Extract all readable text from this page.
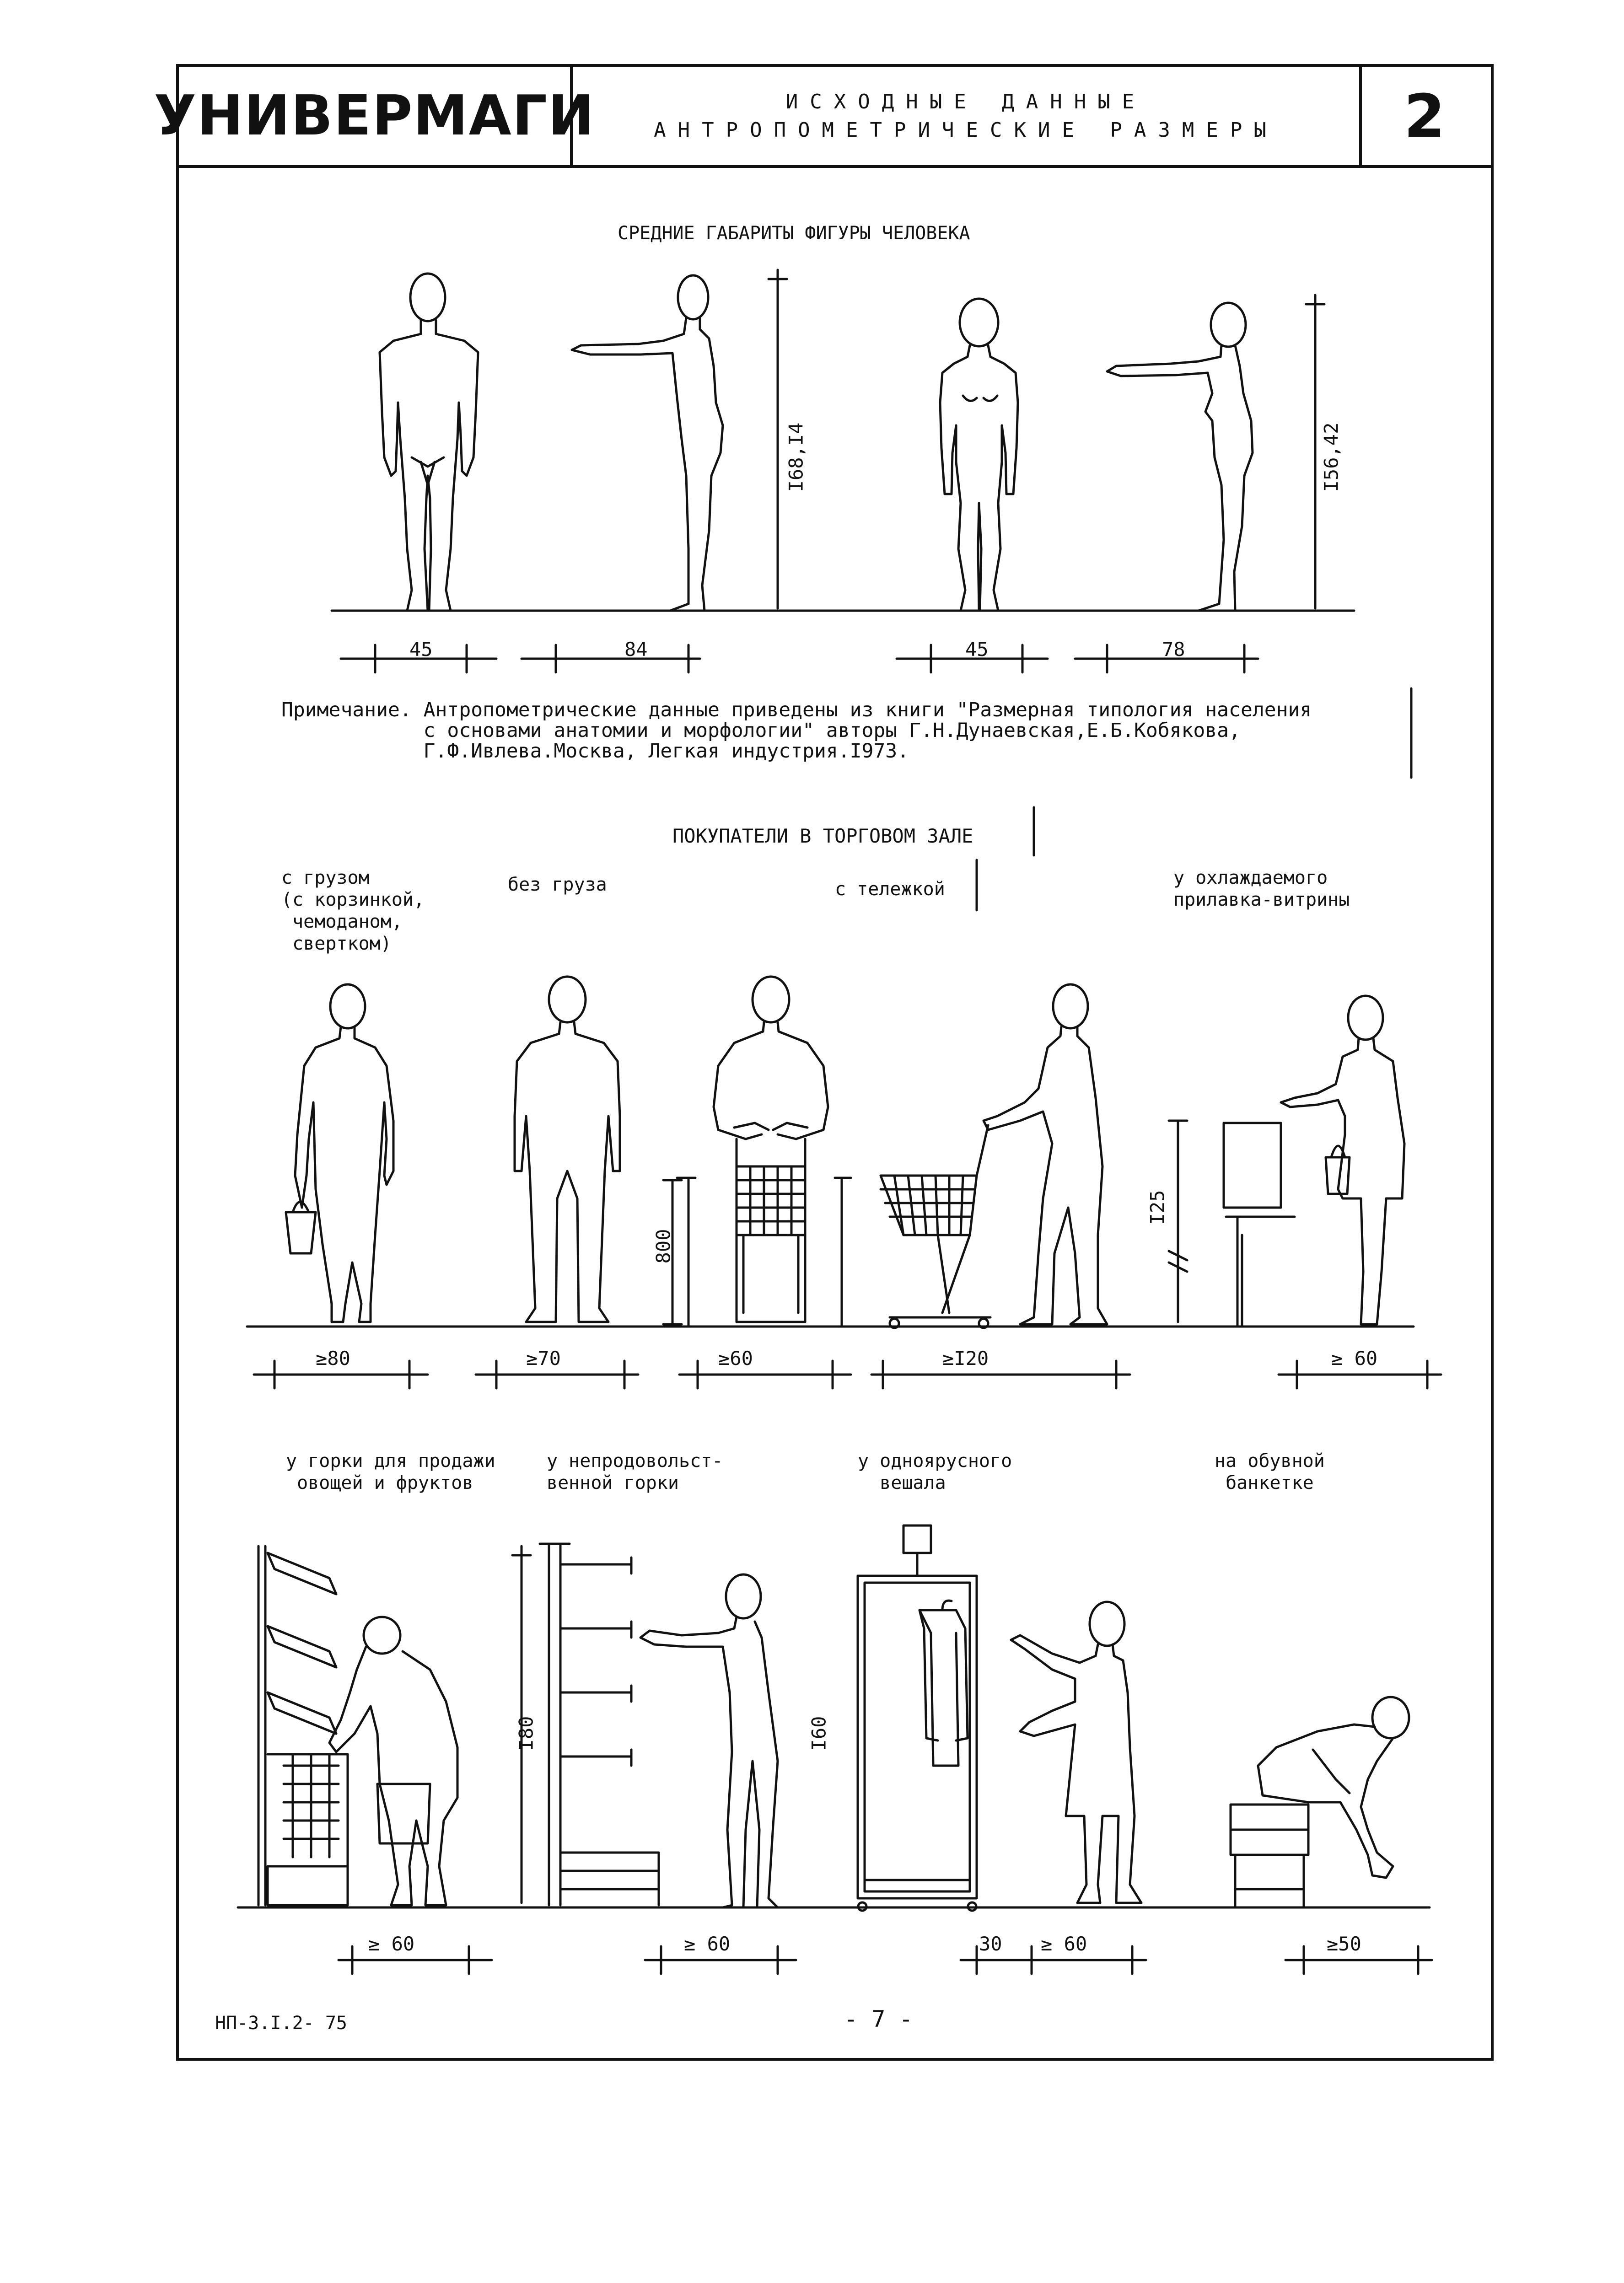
УНИВЕРМАГИ	ИСХОДНЫЕ ДАННЫЕ
АНТРОПОМЕТРИЧЕСКИЕ РАЗМЕРЫ 2
СРЕДНИЕ ГАБАРИТЫ ФИГУРЫ ЧЕЛОВЕКА
I68,I4	I56,42
45	84	45	78
Примечание. Антропометрические данные приведены из книги "Размерная типология населения
с основами анатомии и морфологии" авторы Г.Н.Дунаевская,Е.Б.Кобякова,
Г.Ф.Ивлева.Москва, Легкая индустрия.I973.
ПОКУПАТЕЛИ В ТОРГОВОМ ЗАЛЕ
с грузом
(с корзинкой,
чемоданом,
свертком)
без груза	с тележкой
у охлаждаемого
прилавка-витрины
800
I25
≥80	≥70	≥60	≥I20	≥ 60
у горки для продажи
овощей и фруктов
у непродовольст-
венной горки
у одноярусного
вешала
на обувной
банкетке
I80	I60
≥ 60	≥ 60	30 ≥ 60	≥50
НП-3.I.2- 75	- 7 -
